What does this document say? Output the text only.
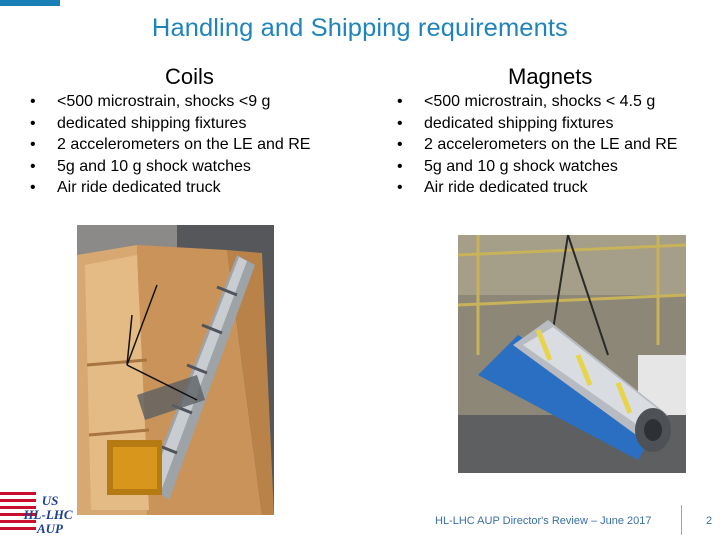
Handling and Shipping requirements
Coils	Magnets
• <500 microstrain, shocks <9 g
• dedicated shipping fixtures
• 2 accelerometers on the LE and RE
• 5g and 10 g shock watches
• Air ride dedicated truck
• <500 microstrain, shocks < 4.5 g
• dedicated shipping fixtures
• 2 accelerometers on the LE and RE
• 5g and 10 g shock watches
• Air ride dedicated truck
US
HL-LHC
AUP	HL-LHC AUP Director's Review – June 2017	2
